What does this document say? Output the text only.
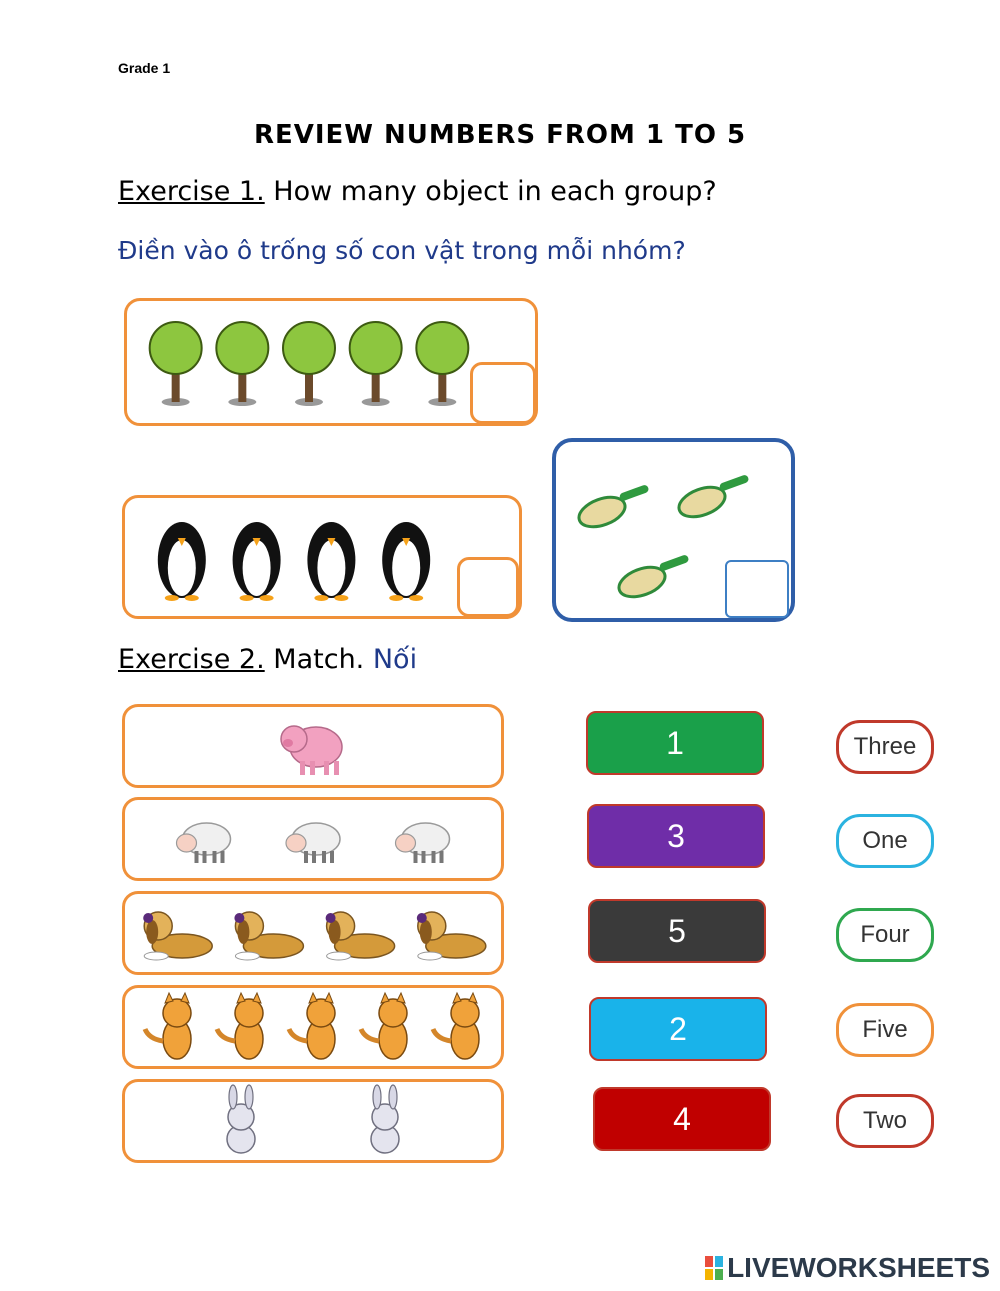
Grade 1
REVIEW NUMBERS FROM 1 TO 5
Exercise 1. How many object in each group?
Điền vào ô trống số con vật trong mỗi nhóm?
Exercise 2. Match. Nối
1
3
5
2
4
Three
One
Four
Five
Two
LIVEWORKSHEETS
